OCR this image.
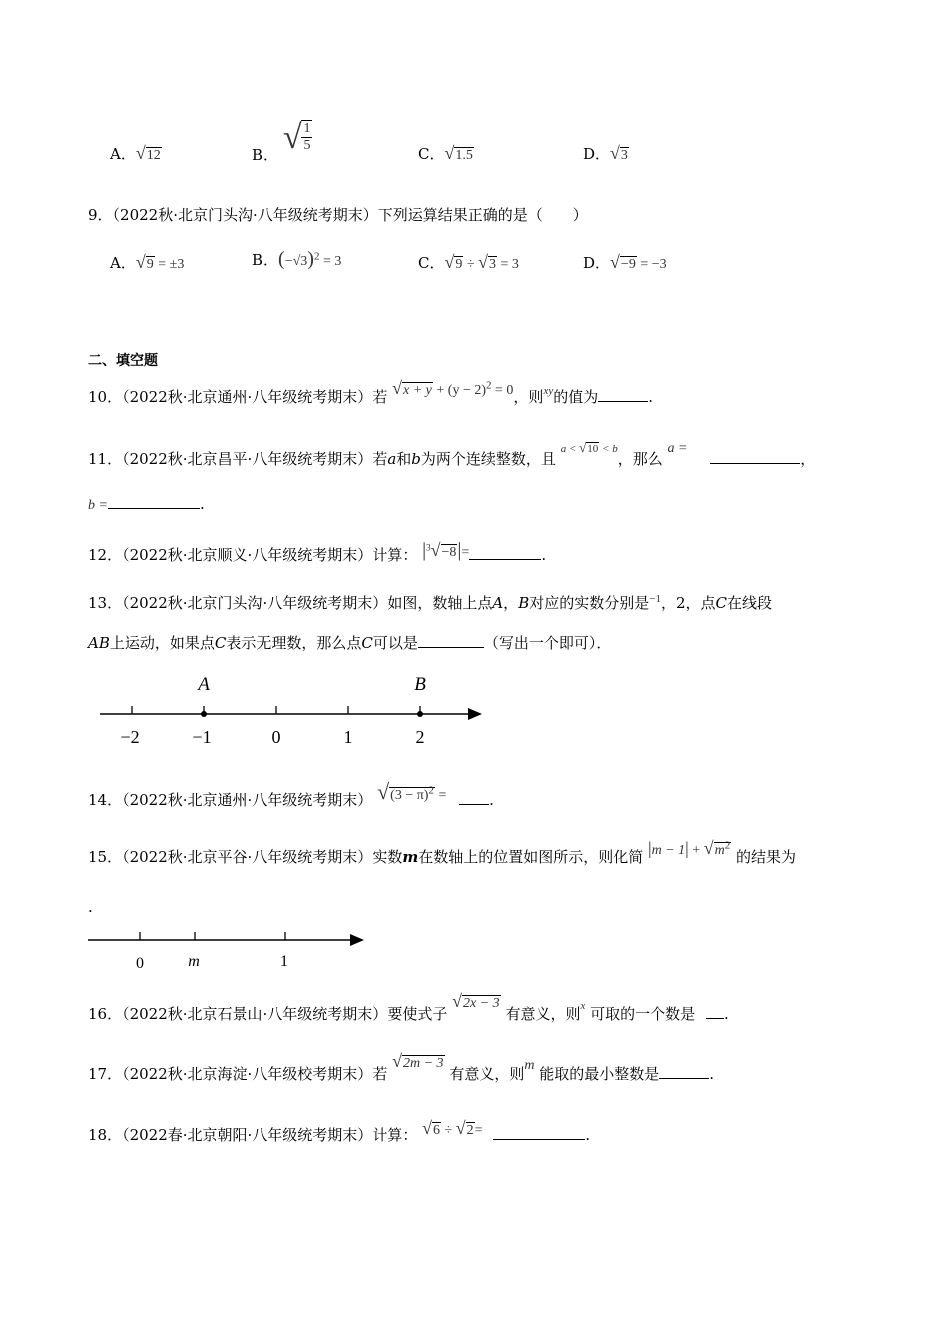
A．√12	B． √ $\frac{1}{5}$	C．√1.5	D．√3
9．（2022秋·北京门头沟·八年级统考期末）下列运算结果正确的是（　　）
A．√9 = ±3	B．$(-√3)^2 = 3$	C．√9 ÷ √3 = 3	D．√−9 = −3
二、填空题
10．（2022秋·北京通州·八年级统考期末）若 $√x + y + (y - 2)^2 = 0$，则$^{xy}$的值为	.
11．（2022秋·北京昌平·八年级统考期末）若a和b为两个连续整数，且 $^{a < √10 < b}$，那么 a = ，
b =	.
12．（2022秋·北京顺义·八年级统考期末）计算： $|^3√-8|=$	.
13．（2022秋·北京门头沟·八年级统考期末）如图，数轴上点A，B对应的实数分别是$^{-1}$，2，点C在线段
AB上运动，如果点C表示无理数，那么点C可以是	（写出一个即可）．
A	B
−2	−1	0	1	2
14．（2022秋·北京通州·八年级统考期末） $√(3 - \pi)^2$ =	.
15．（2022秋·北京平谷·八年级统考期末）实数m在数轴上的位置如图所示，则化简 $|m - 1| + √m^2$ 的结果为
.
0	m	1
16．（2022秋·北京石景山·八年级统考期末）要使式子 √2x − 3 有意义，则$^x$ 可取的一个数是 .
17．（2022秋·北京海淀·八年级校考期末）若 √2m − 3 有意义，则m 能取的最小整数是	.
18．（2022春·北京朝阳·八年级统考期末）计算： √6 ÷ √2=	.
